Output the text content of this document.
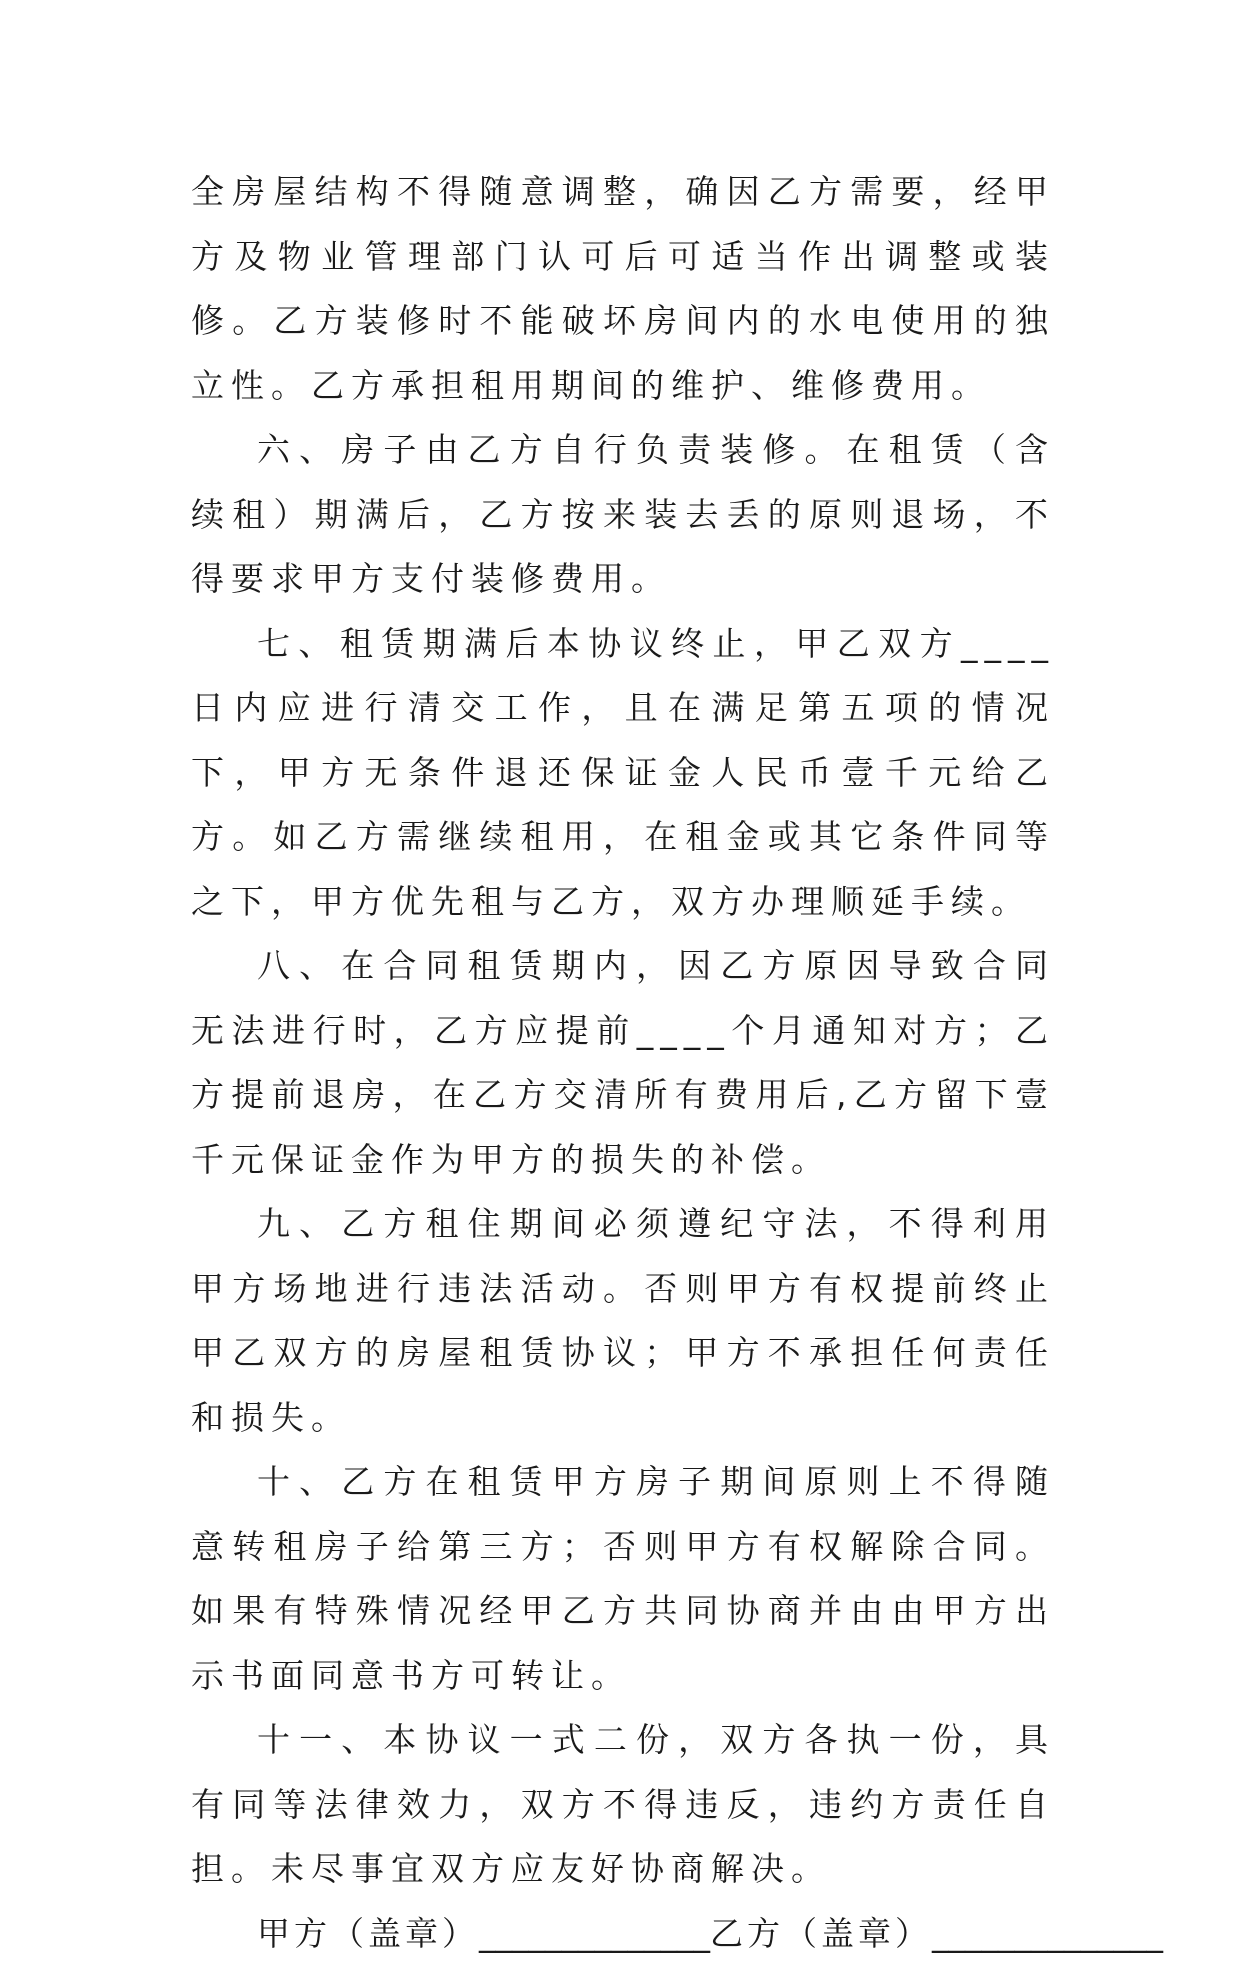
全房屋结构不得随意调整，确因乙方需要，经甲方及物业管理部门认可后可适当作出调整或装修。乙方装修时不能破坏房间内的水电使用的独立性。乙方承担租用期间的维护、维修费用。

六、房子由乙方自行负责装修。在租赁（含续租）期满后，乙方按来装去丢的原则退场，不得要求甲方支付装修费用。

七、租赁期满后本协议终止，甲乙双方____日内应进行清交工作，且在满足第五项的情况下，甲方无条件退还保证金人民币壹千元给乙方。如乙方需继续租用，在租金或其它条件同等之下，甲方优先租与乙方，双方办理顺延手续。

八、在合同租赁期内，因乙方原因导致合同无法进行时，乙方应提前____个月通知对方；乙方提前退房，在乙方交清所有费用后,乙方留下壹千元保证金作为甲方的损失的补偿。

九、乙方租住期间必须遵纪守法，不得利用甲方场地进行违法活动。否则甲方有权提前终止甲乙双方的房屋租赁协议；甲方不承担任何责任和损失。

十、乙方在租赁甲方房子期间原则上不得随意转租房子给第三方；否则甲方有权解除合同。如果有特殊情况经甲乙方共同协商并由由甲方出示书面同意书方可转让。

十一、本协议一式二份，双方各执一份，具有同等法律效力，双方不得违反，违约方责任自担。未尽事宜双方应友好协商解决。

甲方（盖章）______________乙方（盖章）______________
